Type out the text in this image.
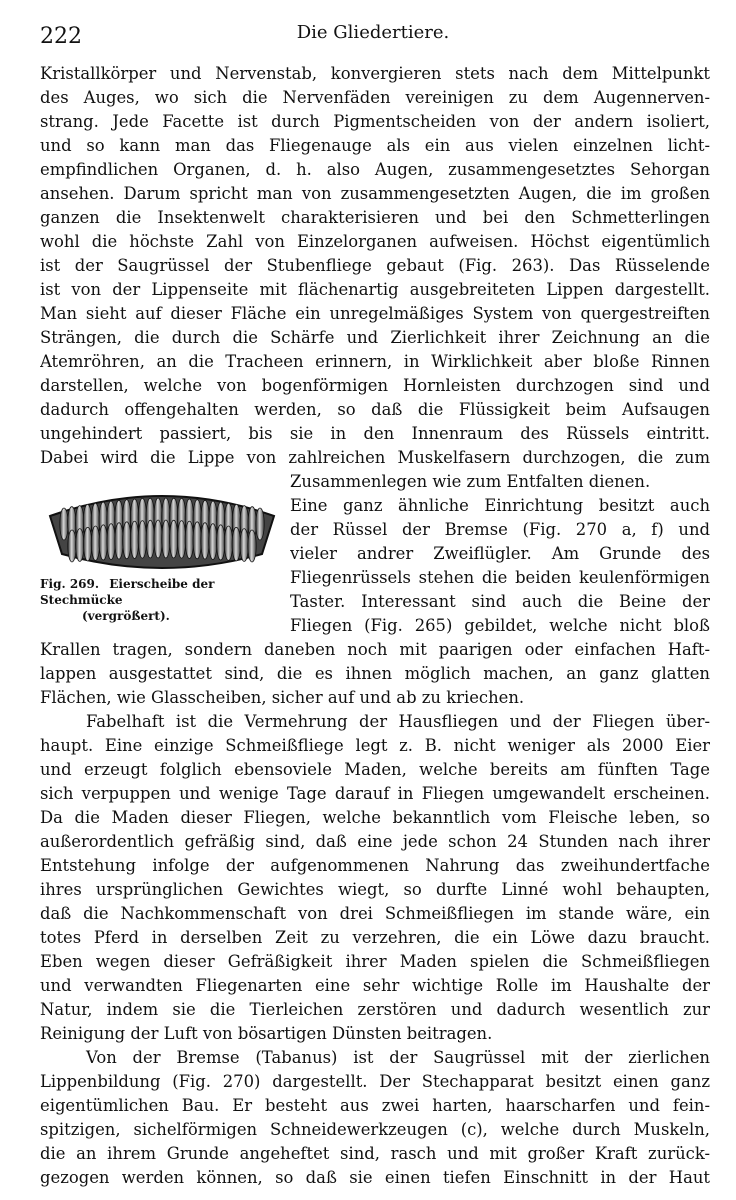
222	Die Gliedertiere.
Fig. 269. Eierscheibe der Stechmücke
(vergrößert).
Kristallkörper und Nervenstab, konvergieren stets nach dem Mittelpunkt
des Auges, wo sich die Nervenfäden vereinigen zu dem Augennerven-
strang. Jede Facette ist durch Pigmentscheiden von der andern isoliert,
und so kann man das Fliegenauge als ein aus vielen einzelnen licht-
empfindlichen Organen, d. h. also Augen, zusammengesetztes Sehorgan
ansehen. Darum spricht man von zusammengesetzten Augen, die im großen
ganzen die Insektenwelt charakterisieren und bei den Schmetterlingen
wohl die höchste Zahl von Einzelorganen aufweisen. Höchst eigentümlich
ist der Saugrüssel der Stubenfliege gebaut (Fig. 263). Das Rüsselende
ist von der Lippenseite mit flächenartig ausgebreiteten Lippen dargestellt.
Man sieht auf dieser Fläche ein unregelmäßiges System von quergestreiften
Strängen, die durch die Schärfe und Zierlichkeit ihrer Zeichnung an die
Atemröhren, an die Tracheen erinnern, in Wirklichkeit aber bloße Rinnen
darstellen, welche von bogenförmigen Hornleisten durchzogen sind und
dadurch offengehalten werden, so daß die Flüssigkeit beim Aufsaugen
ungehindert passiert, bis sie in den Innenraum des Rüssels eintritt.
Dabei wird die Lippe von zahlreichen Muskelfasern durchzogen, die zum
Zusammenlegen wie zum Entfalten dienen.
Eine ganz ähnliche Einrichtung besitzt auch
der Rüssel der Bremse (Fig. 270 a, f) und
vieler andrer Zweiflügler. Am Grunde des
Fliegenrüssels stehen die beiden keulenförmigen
Taster. Interessant sind auch die Beine der
Fliegen (Fig. 265) gebildet, welche nicht bloß
Krallen tragen, sondern daneben noch mit paarigen oder einfachen Haft-
lappen ausgestattet sind, die es ihnen möglich machen, an ganz glatten
Flächen, wie Glasscheiben, sicher auf und ab zu kriechen.
Fabelhaft ist die Vermehrung der Hausfliegen und der Fliegen über-
haupt. Eine einzige Schmeißfliege legt z. B. nicht weniger als 2000 Eier
und erzeugt folglich ebensoviele Maden, welche bereits am fünften Tage
sich verpuppen und wenige Tage darauf in Fliegen umgewandelt erscheinen.
Da die Maden dieser Fliegen, welche bekanntlich vom Fleische leben, so
außerordentlich gefräßig sind, daß eine jede schon 24 Stunden nach ihrer
Entstehung infolge der aufgenommenen Nahrung das zweihundertfache
ihres ursprünglichen Gewichtes wiegt, so durfte Linné wohl behaupten,
daß die Nachkommenschaft von drei Schmeißfliegen im stande wäre, ein
totes Pferd in derselben Zeit zu verzehren, die ein Löwe dazu braucht.
Eben wegen dieser Gefräßigkeit ihrer Maden spielen die Schmeißfliegen
und verwandten Fliegenarten eine sehr wichtige Rolle im Haushalte der
Natur, indem sie die Tierleichen zerstören und dadurch wesentlich zur
Reinigung der Luft von bösartigen Dünsten beitragen.
Von der Bremse (Tabanus) ist der Saugrüssel mit der zierlichen
Lippenbildung (Fig. 270) dargestellt. Der Stechapparat besitzt einen ganz
eigentümlichen Bau. Er besteht aus zwei harten, haarscharfen und fein-
spitzigen, sichelförmigen Schneidewerkzeugen (c), welche durch Muskeln,
die an ihrem Grunde angeheftet sind, rasch und mit großer Kraft zurück-
gezogen werden können, so daß sie einen tiefen Einschnitt in der Haut
